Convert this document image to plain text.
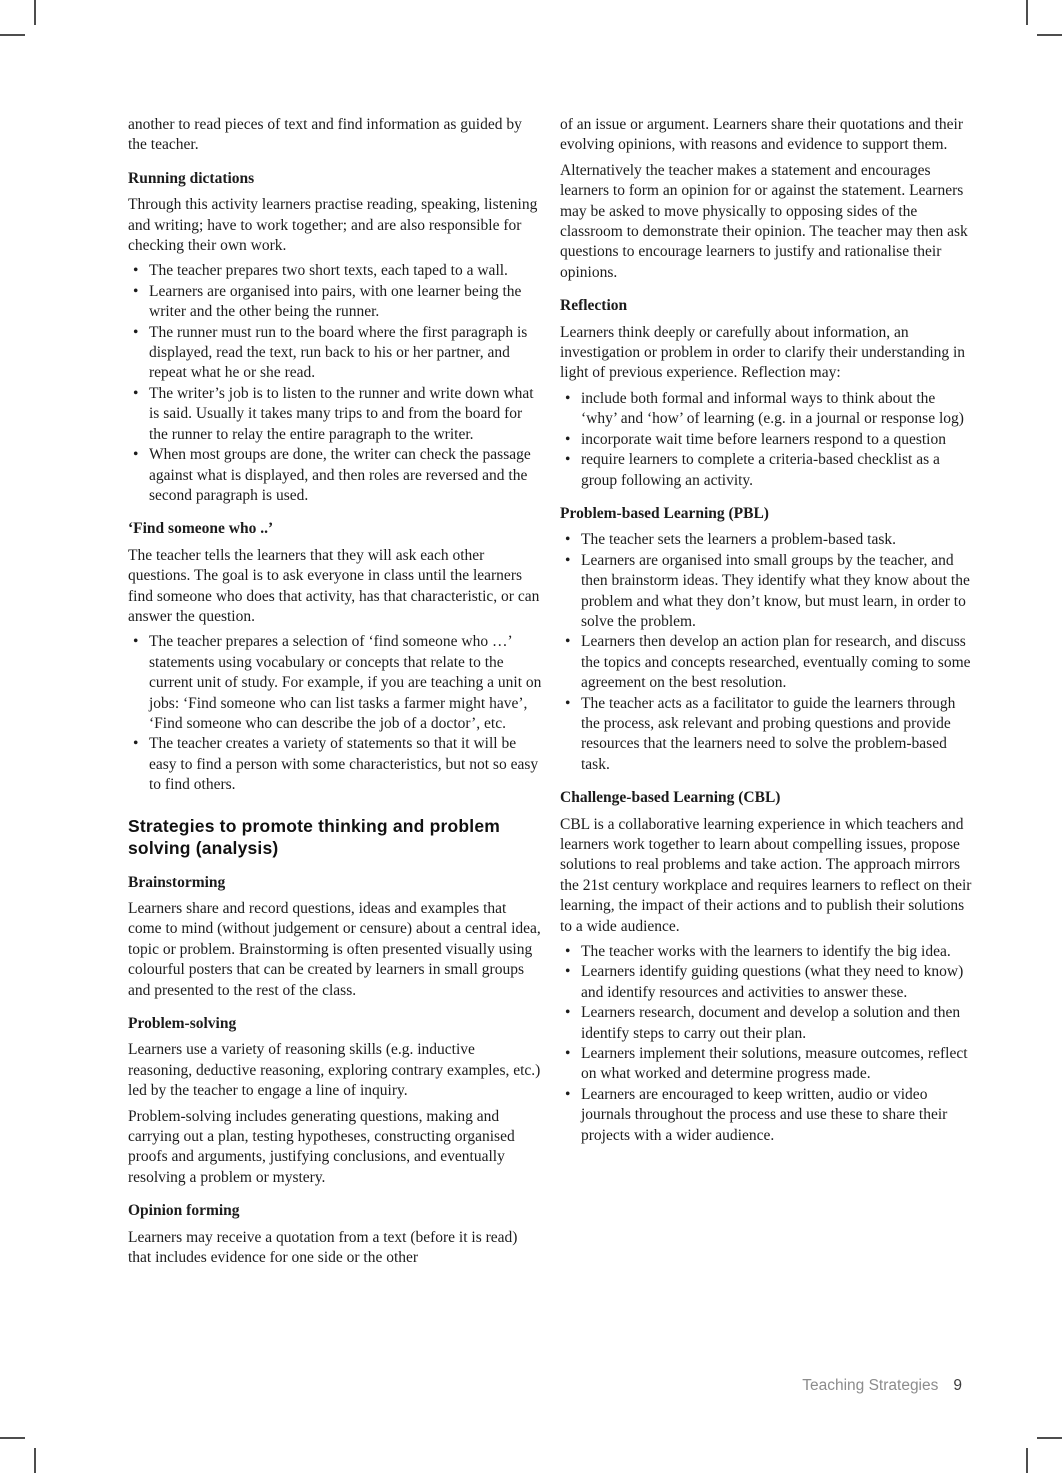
another to read pieces of text and find information as guided by the teacher.

Running dictations

Through this activity learners practise reading, speaking, listening and writing; have to work together; and are also responsible for checking their own work.

• The teacher prepares two short texts, each taped to a wall.
• Learners are organised into pairs, with one learner being the writer and the other being the runner.
• The runner must run to the board where the first paragraph is displayed, read the text, run back to his or her partner, and repeat what he or she read.
• The writer’s job is to listen to the runner and write down what is said. Usually it takes many trips to and from the board for the runner to relay the entire paragraph to the writer.
• When most groups are done, the writer can check the passage against what is displayed, and then roles are reversed and the second paragraph is used.
‘Find someone who ..’

The teacher tells the learners that they will ask each other questions. The goal is to ask everyone in class until the learners find someone who does that activity, has that characteristic, or can answer the question.

• The teacher prepares a selection of ‘find someone who …’ statements using vocabulary or concepts that relate to the current unit of study. For example, if you are teaching a unit on jobs: ‘Find someone who can list tasks a farmer might have’, ‘Find someone who can describe the job of a doctor’, etc.
• The teacher creates a variety of statements so that it will be easy to find a person with some characteristics, but not so easy to find others.
Strategies to promote thinking and problem solving (analysis)
Brainstorming

Learners share and record questions, ideas and examples that come to mind (without judgement or censure) about a central idea, topic or problem. Brainstorming is often presented visually using colourful posters that can be created by learners in small groups and presented to the rest of the class.

Problem-solving

Learners use a variety of reasoning skills (e.g. inductive reasoning, deductive reasoning, exploring contrary examples, etc.) led by the teacher to engage a line of inquiry.

Problem-solving includes generating questions, making and carrying out a plan, testing hypotheses, constructing organised proofs and arguments, justifying conclusions, and eventually resolving a problem or mystery.

Opinion forming

Learners may receive a quotation from a text (before it is read) that includes evidence for one side or the other

of an issue or argument. Learners share their quotations and their evolving opinions, with reasons and evidence to support them.

Alternatively the teacher makes a statement and encourages learners to form an opinion for or against the statement. Learners may be asked to move physically to opposing sides of the classroom to demonstrate their opinion. The teacher may then ask questions to encourage learners to justify and rationalise their opinions.

Reflection

Learners think deeply or carefully about information, an investigation or problem in order to clarify their understanding in light of previous experience. Reflection may:

• include both formal and informal ways to think about the ‘why’ and ‘how’ of learning (e.g. in a journal or response log)
• incorporate wait time before learners respond to a question
• require learners to complete a criteria-based checklist as a group following an activity.
Problem-based Learning (PBL)
• The teacher sets the learners a problem-based task.
• Learners are organised into small groups by the teacher, and then brainstorm ideas. They identify what they know about the problem and what they don’t know, but must learn, in order to solve the problem.
• Learners then develop an action plan for research, and discuss the topics and concepts researched, eventually coming to some agreement on the best resolution.
• The teacher acts as a facilitator to guide the learners through the process, ask relevant and probing questions and provide resources that the learners need to solve the problem-based task.
Challenge-based Learning (CBL)

CBL is a collaborative learning experience in which teachers and learners work together to learn about compelling issues, propose solutions to real problems and take action. The approach mirrors the 21st century workplace and requires learners to reflect on their learning, the impact of their actions and to publish their solutions to a wide audience.

• The teacher works with the learners to identify the big idea.
• Learners identify guiding questions (what they need to know) and identify resources and activities to answer these.
• Learners research, document and develop a solution and then identify steps to carry out their plan.
• Learners implement their solutions, measure outcomes, reflect on what worked and determine progress made.
• Learners are encouraged to keep written, audio or video journals throughout the process and use these to share their projects with a wider audience.
Teaching Strategies 9
